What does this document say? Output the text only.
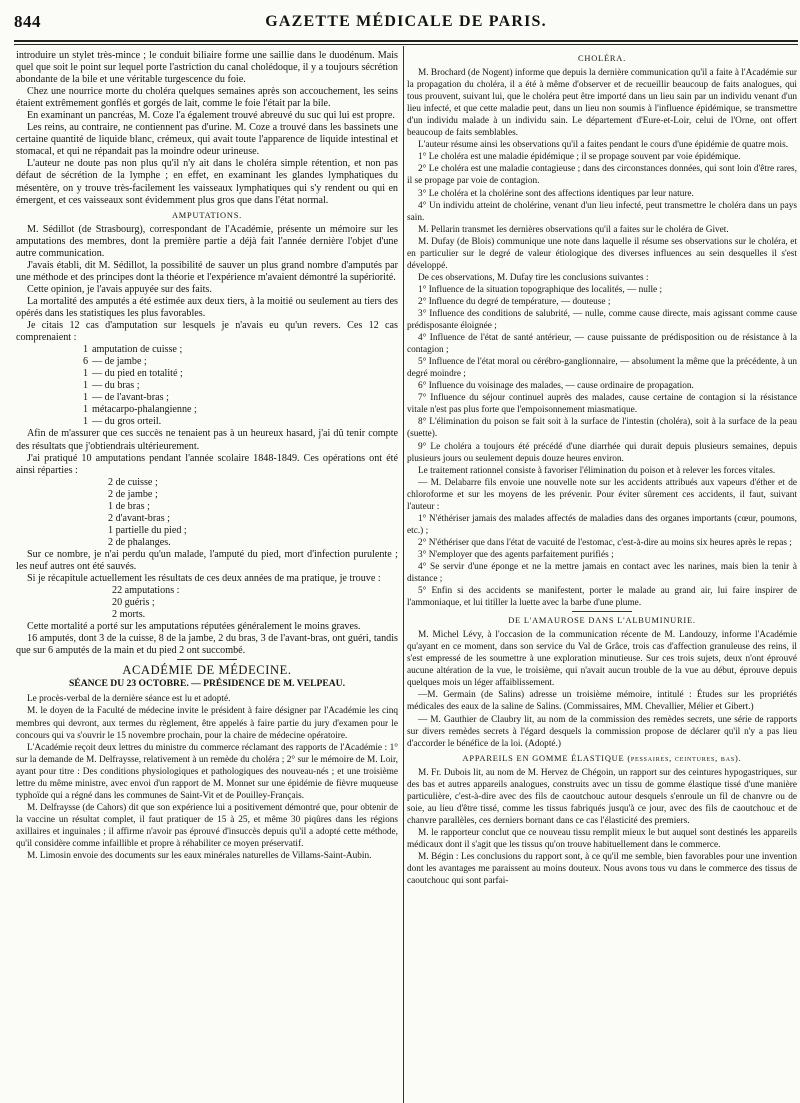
844	GAZETTE MÉDICALE DE PARIS.

introduire un stylet très-mince ; le conduit biliaire forme une saillie dans le duodénum. Mais quel que soit le point sur lequel porte l'astriction du canal cholédoque, il y a toujours sécrétion abondante de la bile et une véritable turgescence du foie.

Chez une nourrice morte du choléra quelques semaines après son accouchement, les seins étaient extrêmement gonflés et gorgés de lait, comme le foie l'était par la bile.

En examinant un pancréas, M. Coze l'a également trouvé abreuvé du suc qui lui est propre.

Les reins, au contraire, ne contiennent pas d'urine. M. Coze a trouvé dans les bassinets une certaine quantité de liquide blanc, crémeux, qui avait toute l'apparence de liquide intestinal et stomacal, et qui ne répandait pas la moindre odeur urineuse.

L'auteur ne doute pas non plus qu'il n'y ait dans le choléra simple rétention, et non pas défaut de sécrétion de la lymphe ; en effet, en examinant les glandes lymphatiques du mésentère, on y trouve très-facilement les vaisseaux lymphatiques qui s'y rendent ou qui en émergent, et ces vaisseaux sont évidemment plus gros que dans l'état normal.

AMPUTATIONS.

M. Sédillot (de Strasbourg), correspondant de l'Académie, présente un mémoire sur les amputations des membres, dont la première partie a déjà fait l'année dernière l'objet d'une autre communication.

J'avais établi, dit M. Sédillot, la possibilité de sauver un plus grand nombre d'amputés par une méthode et des principes dont la théorie et l'expérience m'avaient démontré la supériorité.

Cette opinion, je l'avais appuyée sur des faits.

La mortalité des amputés a été estimée aux deux tiers, à la moitié ou seulement au tiers des opérés dans les statistiques les plus favorables.

Je citais 12 cas d'amputation sur lesquels je n'avais eu qu'un revers. Ces 12 cas comprenaient :

1 amputation de cuisse ;
6 — de jambe ;
1 — du pied en totalité ;
1 — du bras ;
1 — de l'avant-bras ;
1 métacarpo-phalangienne ;
1 — du gros orteil.

Afin de m'assurer que ces succès ne tenaient pas à un heureux hasard, j'ai dû tenir compte des résultats que j'obtiendrais ultérieurement.

J'ai pratiqué 10 amputations pendant l'année scolaire 1848-1849. Ces opérations ont été ainsi réparties :

2 de cuisse ;

2 de jambe ;

1 de bras ;

2 d'avant-bras ;

1 partielle du pied ;

2 de phalanges.

Sur ce nombre, je n'ai perdu qu'un malade, l'amputé du pied, mort d'infection purulente ; les neuf autres ont été sauvés.

Si je récapitule actuellement les résultats de ces deux années de ma pratique, je trouve :

22 amputations :

20 guéris ;

2 morts.

Cette mortalité a porté sur les amputations réputées généralement le moins graves.

16 amputés, dont 3 de la cuisse, 8 de la jambe, 2 du bras, 3 de l'avant-bras, ont guéri, tandis que sur 6 amputés de la main et du pied 2 ont succombé.

ACADÉMIE DE MÉDECINE.
SÉANCE DU 23 OCTOBRE. — PRÉSIDENCE DE M. VELPEAU.

Le procès-verbal de la dernière séance est lu et adopté.

M. le doyen de la Faculté de médecine invite le président à faire désigner par l'Académie les cinq membres qui devront, aux termes du règlement, être appelés à faire partie du jury d'examen pour le concours qui va s'ouvrir le 15 novembre prochain, pour la chaire de médecine opératoire.

L'Académie reçoit deux lettres du ministre du commerce réclamant des rapports de l'Académie : 1° sur la demande de M. Delfraysse, relativement à un remède du choléra ; 2° sur le mémoire de M. Loir, ayant pour titre : Des conditions physiologiques et pathologiques des nouveau-nés ; et une troisième lettre du même ministre, avec envoi d'un rapport de M. Monnet sur une épidémie de fièvre muqueuse typhoïde qui a régné dans les communes de Saint-Vit et de Pouilley-Français.

M. Delfraysse (de Cahors) dit que son expérience lui a positivement démontré que, pour obtenir de la vaccine un résultat complet, il faut pratiquer de 15 à 25, et même 30 piqûres dans les régions axillaires et inguinales ; il affirme n'avoir pas éprouvé d'insuccès depuis qu'il a adopté cette méthode, qu'il considère comme infaillible et propre à réhabiliter ce moyen préservatif.

M. Limosin envoie des documents sur les eaux minérales naturelles de Villams-Saint-Aubin.

CHOLÉRA.

M. Brochard (de Nogent) informe que depuis la dernière communication qu'il a faite à l'Académie sur la propagation du choléra, il a été à même d'observer et de recueillir beaucoup de faits analogues, qui tous prouvent, suivant lui, que le choléra peut être importé dans un lieu sain par un individu venant d'un lieu infecté, et que cette maladie peut, dans un lieu non soumis à l'influence épidémique, se transmettre d'un individu malade à un individu sain. Le département d'Eure-et-Loir, celui de l'Orne, ont offert beaucoup de faits semblables.

L'auteur résume ainsi les observations qu'il a faites pendant le cours d'une épidémie de quatre mois.

1° Le choléra est une maladie épidémique ; il se propage souvent par voie épidémique.

2° Le choléra est une maladie contagieuse ; dans des circonstances données, qui sont loin d'être rares, il se propage par voie de contagion.

3° Le choléra et la cholérine sont des affections identiques par leur nature.

4° Un individu atteint de cholérine, venant d'un lieu infecté, peut transmettre le choléra dans un pays sain.

M. Pellarin transmet les dernières observations qu'il a faites sur le choléra de Givet.

M. Dufay (de Blois) communique une note dans laquelle il résume ses observations sur le choléra, et en particulier sur le degré de valeur étiologique des diverses influences au sein desquelles il s'est développé.

De ces observations, M. Dufay tire les conclusions suivantes :

1° Influence de la situation topographique des localités, — nulle ;

2° Influence du degré de température, — douteuse ;

3° Influence des conditions de salubrité, — nulle, comme cause directe, mais agissant comme cause prédisposante éloignée ;

4° Influence de l'état de santé antérieur, — cause puissante de prédisposition ou de résistance à la contagion ;

5° Influence de l'état moral ou cérébro-ganglionnaire, — absolument la même que la précédente, à un degré moindre ;

6° Influence du voisinage des malades, — cause ordinaire de propagation.

7° Influence du séjour continuel auprès des malades, cause certaine de contagion si la résistance vitale n'est pas plus forte que l'empoisonnement miasmatique.

8° L'élimination du poison se fait soit à la surface de l'intestin (choléra), soit à la surface de la peau (suette).

9° Le choléra a toujours été précédé d'une diarrhée qui durait depuis plusieurs semaines, depuis plusieurs jours ou seulement depuis douze heures environ.

Le traitement rationnel consiste à favoriser l'élimination du poison et à relever les forces vitales.

— M. Delabarre fils envoie une nouvelle note sur les accidents attribués aux vapeurs d'éther et de chloroforme et sur les moyens de les prévenir. Pour éviter sûrement ces accidents, il faut, suivant l'auteur :

1° N'éthériser jamais des malades affectés de maladies dans des organes importants (cœur, poumons, etc.) ;

2° N'éthériser que dans l'état de vacuité de l'estomac, c'est-à-dire au moins six heures après le repas ;

3° N'employer que des agents parfaitement purifiés ;

4° Se servir d'une éponge et ne la mettre jamais en contact avec les narines, mais bien la tenir à distance ;

5° Enfin si des accidents se manifestent, porter le malade au grand air, lui faire inspirer de l'ammoniaque, et lui titiller la luette avec la barbe d'une plume.

DE L'AMAUROSE DANS L'ALBUMINURIE.

M. Michel Lévy, à l'occasion de la communication récente de M. Landouzy, informe l'Académie qu'ayant en ce moment, dans son service du Val de Grâce, trois cas d'affection granuleuse des reins, il s'est empressé de les soumettre à une exploration minutieuse. Sur ces trois sujets, deux n'ont éprouvé aucune altération de la vue, le troisième, qui n'avait aucun trouble de la vue au début, éprouve depuis quelques mois un léger affaiblissement.

—M. Germain (de Salins) adresse un troisième mémoire, intitulé : Études sur les propriétés médicales des eaux de la saline de Salins. (Commissaires, MM. Chevallier, Mélier et Gibert.)

— M. Gauthier de Claubry lit, au nom de la commission des remèdes secrets, une série de rapports sur divers remèdes secrets à l'égard desquels la commission propose de déclarer qu'il n'y a pas lieu d'accorder le bénéfice de la loi. (Adopté.)

APPAREILS EN GOMME ÉLASTIQUE (pessaires, ceintures, bas).

M. Fr. Dubois lit, au nom de M. Hervez de Chégoin, un rapport sur des ceintures hypogastriques, sur des bas et autres appareils analogues, construits avec un tissu de gomme élastique tissé d'une manière particulière, c'est-à-dire avec des fils de caoutchouc autour desquels s'enroule un fil de chanvre ou de soie, au lieu d'être tissé, comme les tissus fabriqués jusqu'à ce jour, avec des fils de caoutchouc et de chanvre parallèles, ces derniers bornant dans ce cas l'élasticité des premiers.

M. le rapporteur conclut que ce nouveau tissu remplit mieux le but auquel sont destinés les appareils médicaux dont il s'agit que les tissus qu'on trouve habituellement dans le commerce.

M. Bégin : Les conclusions du rapport sont, à ce qu'il me semble, bien favorables pour une invention dont les avantages me paraissent au moins douteux. Nous avons tous vu dans le commerce des tissus de caoutchouc qui sont parfai-
